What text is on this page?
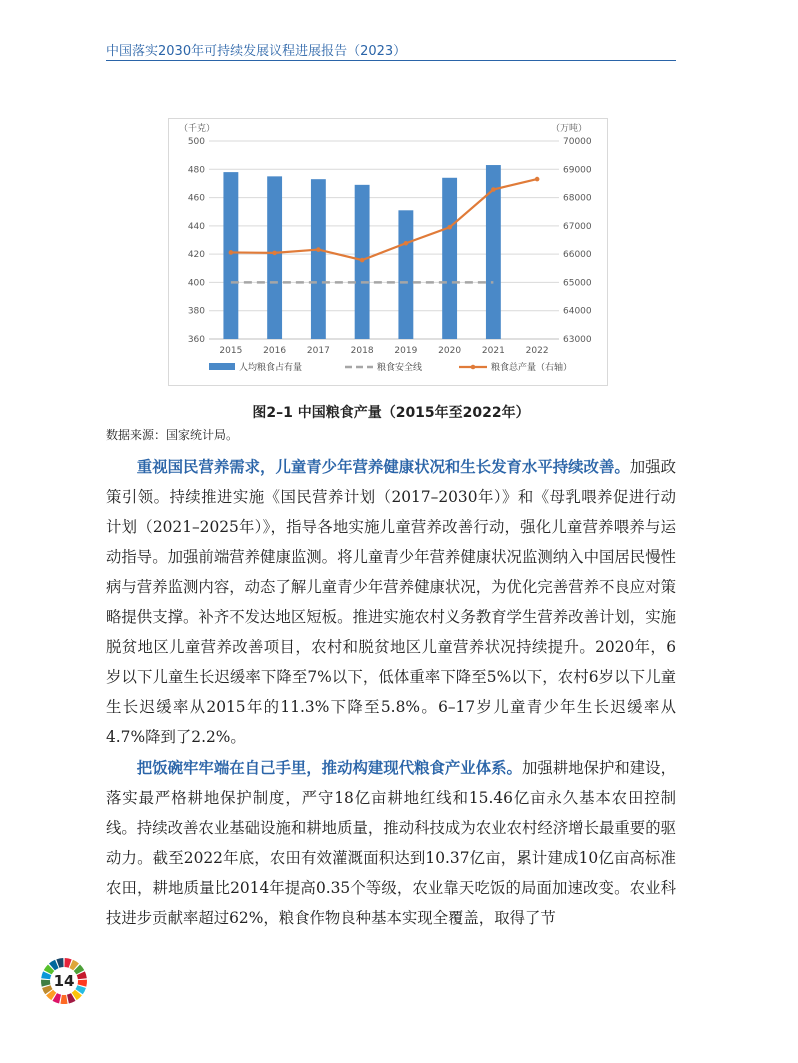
中国落实2030年可持续发展议程进展报告（2023）
360
380
400
420
440
460
480
500
63000
64000
65000
66000
67000
68000
69000
70000
（千克）	（万吨）
2015 2016 2017 2018 2019 2020 2021 2022
人均粮食占有量	粮食安全线	粮食总产量（右轴）
图2–1 中国粮食产量（2015年至2022年）
数据来源：国家统计局。

重视国民营养需求，儿童青少年营养健康状况和生长发育水平持续改善。加强政策引领。持续推进实施《国民营养计划（2017–2030年）》和《母乳喂养促进行动计划（2021–2025年）》，指导各地实施儿童营养改善行动，强化儿童营养喂养与运动指导。加强前端营养健康监测。将儿童青少年营养健康状况监测纳入中国居民慢性病与营养监测内容，动态了解儿童青少年营养健康状况，为优化完善营养不良应对策略提供支撑。补齐不发达地区短板。推进实施农村义务教育学生营养改善计划，实施脱贫地区儿童营养改善项目，农村和脱贫地区儿童营养状况持续提升。2020年，6岁以下儿童生长迟缓率下降至7%以下，低体重率下降至5%以下，农村6岁以下儿童生长迟缓率从2015年的11.3%下降至5.8%。6–17岁儿童青少年生长迟缓率从4.7%降到了2.2%。

把饭碗牢牢端在自己手里，推动构建现代粮食产业体系。加强耕地保护和建设，落实最严格耕地保护制度，严守18亿亩耕地红线和15.46亿亩永久基本农田控制线。持续改善农业基础设施和耕地质量，推动科技成为农业农村经济增长最重要的驱动力。截至2022年底，农田有效灌溉面积达到10.37亿亩，累计建成10亿亩高标准农田，耕地质量比2014年提高0.35个等级，农业靠天吃饭的局面加速改变。农业科技进步贡献率超过62%，粮食作物良种基本实现全覆盖，取得了节

14
